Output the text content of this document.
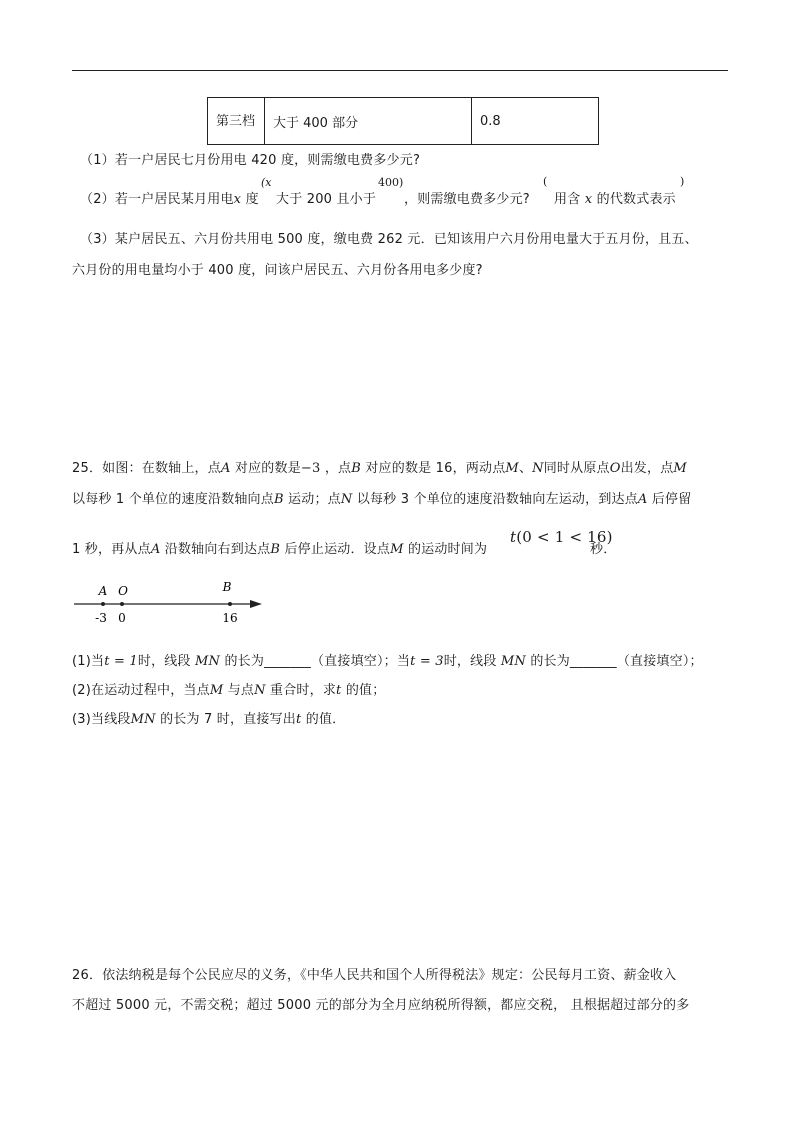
第三档	大于 400 部分	0.8
（1）若一户居民七月份用电 420 度，则需缴电费多少元?
（2）若一户居民某月用电x 度
(x
大于 200 且小于
400)
，则需缴电费多少元?
(
用含 x 的代数式表示
)
（3）某户居民五、六月份共用电 500 度，缴电费 262 元．已知该用户六月份用电量大于五月份，且五、
六月份的用电量均小于 400 度，问该户居民五、六月份各用电多少度?
25．如图：在数轴上，点A 对应的数是−3 ，点B 对应的数是 16，两动点M、N同时从原点O出发，点M
以每秒 1 个单位的速度沿数轴向点B 运动；点N 以每秒 3 个单位的速度沿数轴向左运动，到达点A 后停留
1 秒，再从点A 沿数轴向右到达点B 后停止运动．设点M 的运动时间为
t(0 < 1 < 16)
秒．
A O	B
-3 0	16
(1)当t = 1时，线段 MN 的长为_______（直接填空）；当t = 3时，线段 MN 的长为_______（直接填空）；
(2)在运动过程中，当点M 与点N 重合时，求t 的值；
(3)当线段MN 的长为 7 时，直接写出t 的值．
26．依法纳税是每个公民应尽的义务，《中华人民共和国个人所得税法》规定：公民每月工资、薪金收入
不超过 5000 元，不需交税；超过 5000 元的部分为全月应纳税所得额，都应交税， 且根据超过部分的多
